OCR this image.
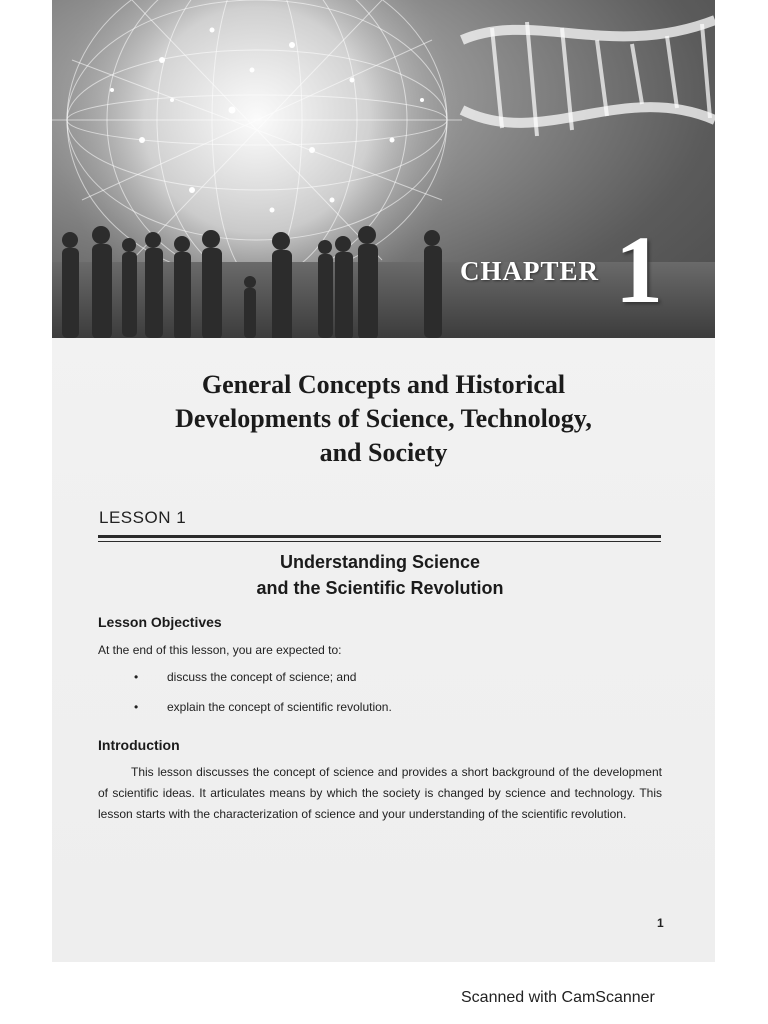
CHAPTER 1
General Concepts and Historical
Developments of Science, Technology,
and Society
LESSON 1
Understanding Science
and the Scientific Revolution
Lesson Objectives
At the end of this lesson, you are expected to:
• discuss the concept of science; and
• explain the concept of scientific revolution.
Introduction
This lesson discusses the concept of science and provides a short background of the development of scientific ideas. It articulates means by which the society is changed by science and technology. This lesson starts with the characterization of science and your understanding of the scientific revolution.
1
Scanned with CamScanner
